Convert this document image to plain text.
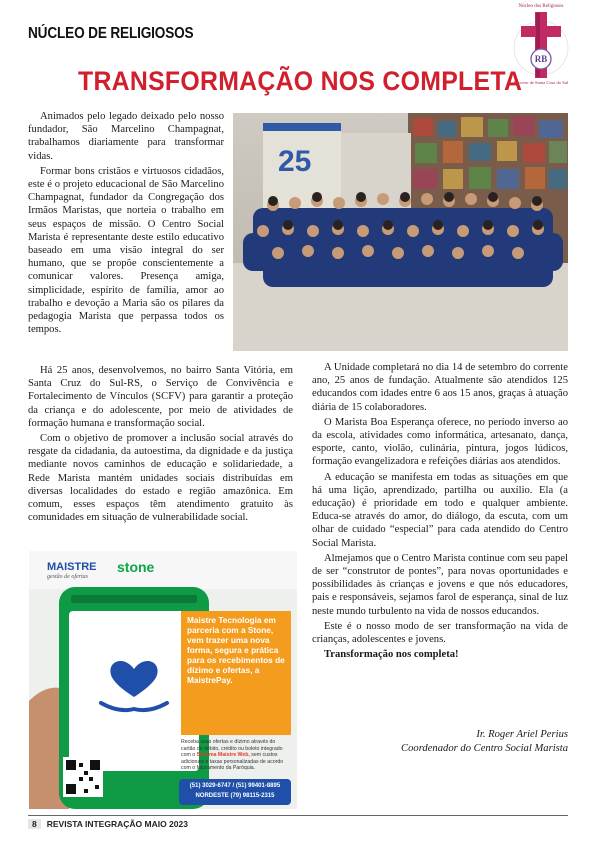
NÚCLEO DE RELIGIOSOS
Núcleo dos Religiosos
RB
Diocese de Santa Cruz do Sul
TRANSFORMAÇÃO NOS COMPLETA

Animados pelo legado deixado pelo nosso fundador, São Marcelino Champagnat, trabalhamos diariamente para transformar vidas.

Formar bons cristãos e virtuosos cidadãos, este é o projeto educacional de São Marcelino Champagnat, fundador da Congregação dos Irmãos Maristas, que norteia o trabalho em seus espaços de missão. O Centro Social Marista é representante deste estilo educativo baseado em uma visão integral do ser humano, que se propõe conscientemente a comunicar valores. Presença amiga, simplicidade, espírito de família, amor ao trabalho e devoção a Maria são os pilares da pedagogia Marista que perpassa todos os tempos.

25

Há 25 anos, desenvolvemos, no bairro Santa Vitória, em Santa Cruz do Sul-RS, o Serviço de Convivência e Fortalecimento de Vínculos (SCFV) para garantir a proteção da criança e do adolescente, por meio de atividades de formação humana e transformação social.

Com o objetivo de promover a inclusão social através do resgate da cidadania, da autoestima, da dignidade e da justiça mediante novos caminhos de educação e solidariedade, a Rede Marista mantém unidades sociais distribuídas em diversas localidades do estado e região amazônica. Em comum, esses espaços têm atendimento gratuito às comunidades em situação de vulnerabilidade social.

A Unidade completará no dia 14 de setembro do corrente ano, 25 anos de fundação. Atualmente são atendidos 125 educandos com idades entre 6 aos 15 anos, graças à atuação diária de 15 colaboradores.

O Marista Boa Esperança oferece, no período inverso ao da escola, atividades como informática, artesanato, dança, esporte, canto, violão, culinária, pintura, jogos lúdicos, formação evangelizadora e refeições diárias aos atendidos.

A educação se manifesta em todas as situações em que há uma lição, aprendizado, partilha ou auxílio. Ela (a educação) é prioridade em todo e qualquer ambiente. Educa-se através do amor, do diálogo, da escuta, com um olhar de cuidado “especial” para cada atendido do Centro Social Marista.

Almejamos que o Centro Marista continue com seu papel de ser “construtor de pontes”, para novas oportunidades e possibilidades às crianças e jovens e que nós educadores, pais e responsáveis, sejamos farol de esperança, sinal de luz neste mundo turbulento na vida de nossos educandos.

Este é o nosso modo de ser transformação na vida de crianças, adolescentes e jovens.

Transformação nos completa!

Ir. Roger Ariel Perius
Coordenador do Centro Social Marista
MAISTRE
gestão de ofertas
stone
Maistre Tecnologia em parceria com a Stone, vem trazer uma nova forma, segura e prática para os recebimentos de dízimo e ofertas, a MaistrePay.
Receba suas ofertas e dízimo através do cartão de débito, crédito ou boleto integrado com o Sistema Maistre Web, sem custos adicionais e taxas personalizadas de acordo com o faturamento da Paróquia.
(51) 3029-6747 / (51) 99401-8895
NORDESTE (79) 98115-2315
8 REVISTA INTEGRAÇÃO MAIO 2023
